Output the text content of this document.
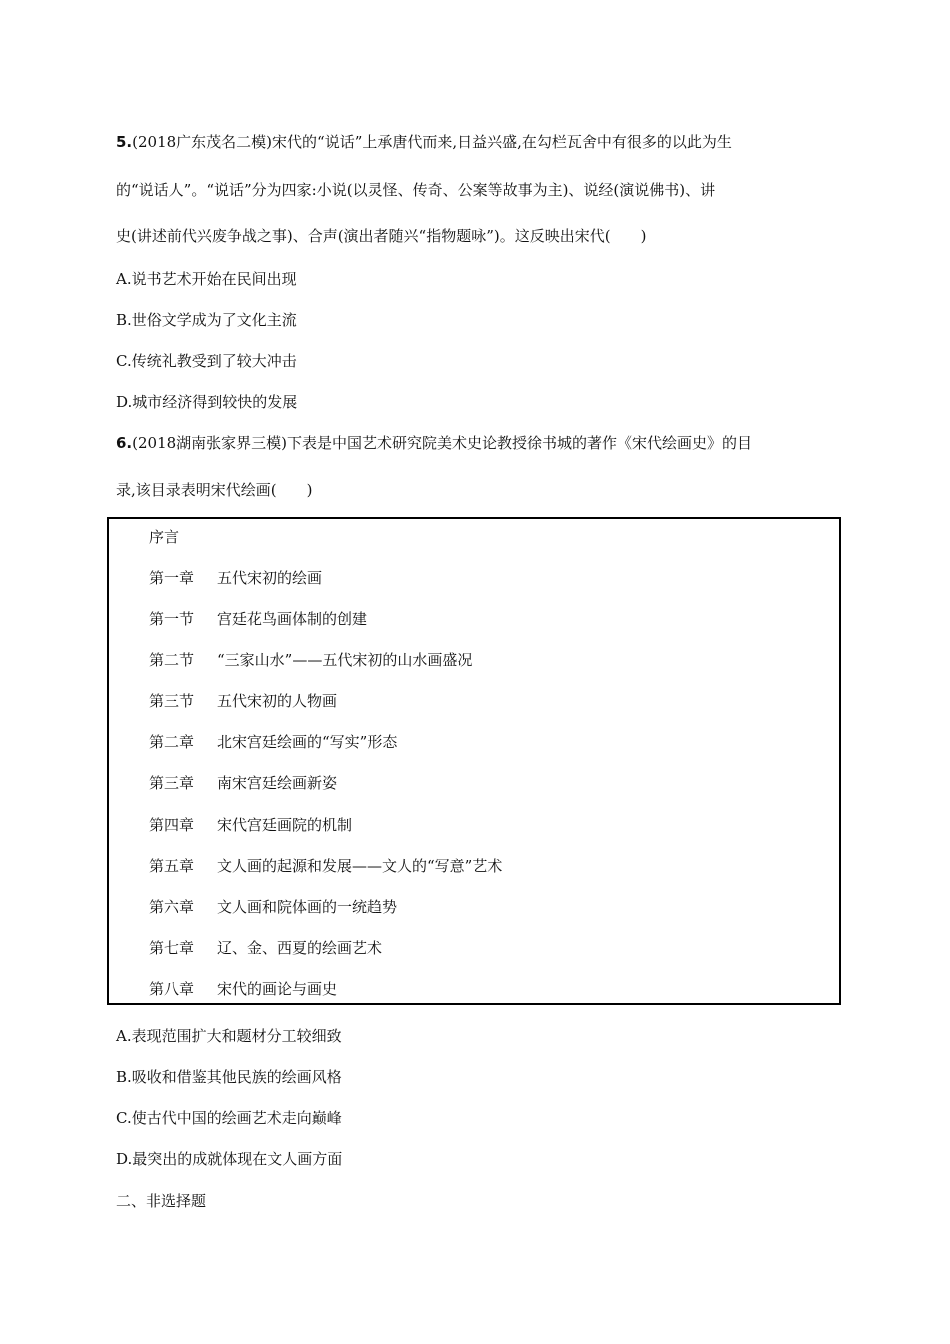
5.(2018广东茂名二模)宋代的“说话”上承唐代而来,日益兴盛,在勾栏瓦舍中有很多的以此为生
的“说话人”。“说话”分为四家:小说(以灵怪、传奇、公案等故事为主)、说经(演说佛书)、讲
史(讲述前代兴废争战之事)、合声(演出者随兴“指物题咏”)。这反映出宋代(　　)
A.说书艺术开始在民间出现
B.世俗文学成为了文化主流
C.传统礼教受到了较大冲击
D.城市经济得到较快的发展
6.(2018湖南张家界三模)下表是中国艺术研究院美术史论教授徐书城的著作《宋代绘画史》的目
录,该目录表明宋代绘画(　　)
序言
第一章 五代宋初的绘画
第一节 宫廷花鸟画体制的创建
第二节 “三家山水”——五代宋初的山水画盛况
第三节 五代宋初的人物画
第二章 北宋宫廷绘画的“写实”形态
第三章 南宋宫廷绘画新姿
第四章 宋代宫廷画院的机制
第五章 文人画的起源和发展——文人的“写意”艺术
第六章 文人画和院体画的一统趋势
第七章 辽、金、西夏的绘画艺术
第八章 宋代的画论与画史
A.表现范围扩大和题材分工较细致
B.吸收和借鉴其他民族的绘画风格
C.使古代中国的绘画艺术走向巅峰
D.最突出的成就体现在文人画方面
二、非选择题
